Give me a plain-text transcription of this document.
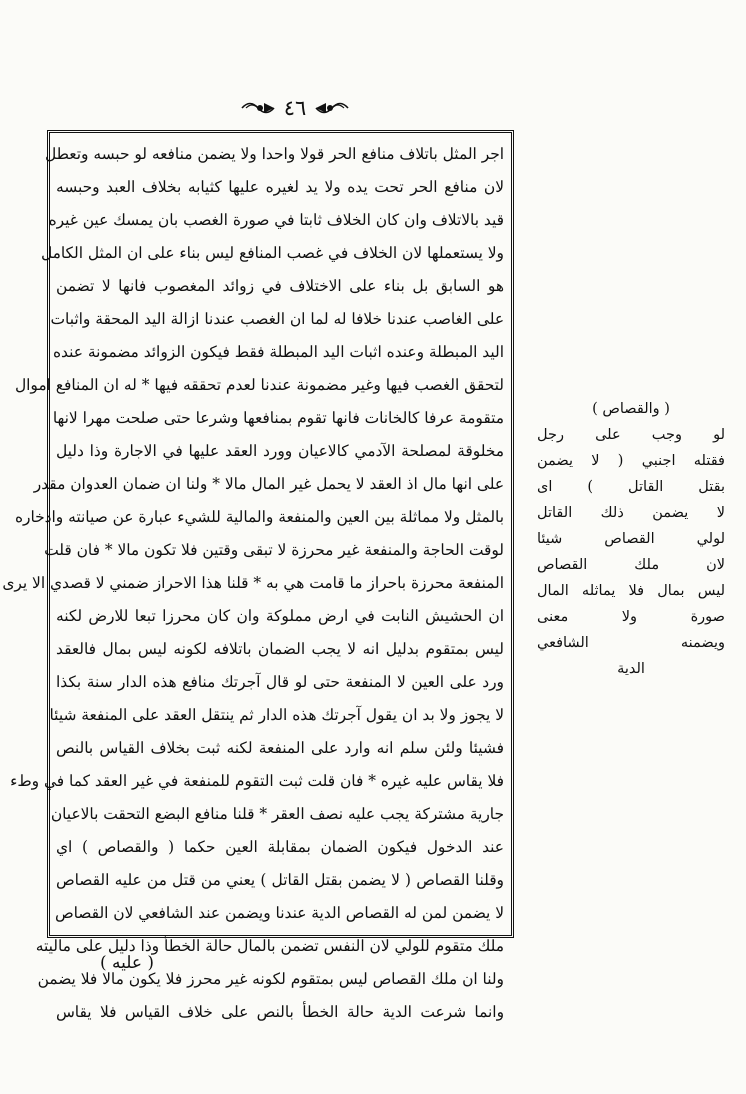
٤٦
اجر المثل باتلاف منافع الحر قولا واحدا ولا يضمن منافعه لو حبسه وتعطل
لان منافع الحر تحت يده ولا يد لغيره عليها كثيابه بخلاف العبد وحبسه
قيد بالاتلاف وان كان الخلاف ثابتا في صورة الغصب بان يمسك عين غيره
ولا يستعملها لان الخلاف في غصب المنافع ليس بناء على ان المثل الكامل
هو السابق بل بناء على الاختلاف في زوائد المغصوب فانها لا تضمن
على الغاصب عندنا خلافا له لما ان الغصب عندنا ازالة اليد المحقة واثبات
اليد المبطلة وعنده اثبات اليد المبطلة فقط فيكون الزوائد مضمونة عنده
لتحقق الغصب فيها وغير مضمونة عندنا لعدم تحققه فيها * له ان المنافع اموال
متقومة عرفا كالخانات فانها تقوم بمنافعها وشرعا حتى صلحت مهرا لانها
مخلوقة لمصلحة الآدمي كالاعيان وورد العقد عليها في الاجارة وذا دليل
على انها مال اذ العقد لا يحمل غير المال مالا * ولنا ان ضمان العدوان مقدر
بالمثل ولا مماثلة بين العين والمنفعة والمالية للشيء عبارة عن صيانته وادخاره
لوقت الحاجة والمنفعة غير محرزة لا تبقى وقتين فلا تكون مالا * فان قلت
المنفعة محرزة باحراز ما قامت هي به * قلنا هذا الاحراز ضمني لا قصدي الا يرى
ان الحشيش النابت في ارض مملوكة وان كان محرزا تبعا للارض لكنه
ليس بمتقوم بدليل انه لا يجب الضمان باتلافه لكونه ليس بمال فالعقد
ورد على العين لا المنفعة حتى لو قال آجرتك منافع هذه الدار سنة بكذا
لا يجوز ولا بد ان يقول آجرتك هذه الدار ثم ينتقل العقد على المنفعة شيئا
فشيئا ولئن سلم انه وارد على المنفعة لكنه ثبت بخلاف القياس بالنص
فلا يقاس عليه غيره * فان قلت ثبت التقوم للمنفعة في غير العقد كما في وطء
جارية مشتركة يجب عليه نصف العقر * قلنا منافع البضع التحقت بالاعيان
عند الدخول فيكون الضمان بمقابلة العين حكما ( والقصاص ) اي
وقلنا القصاص ( لا يضمن بقتل القاتل ) يعني من قتل من عليه القصاص
لا يضمن لمن له القصاص الدية عندنا ويضمن عند الشافعي لان القصاص
ملك متقوم للولي لان النفس تضمن بالمال حالة الخطأ وذا دليل على ماليته
ولنا ان ملك القصاص ليس بمتقوم لكونه غير محرز فلا يكون مالا فلا يضمن
وانما شرعت الدية حالة الخطأ بالنص على خلاف القياس فلا يقاس
( والقصاص )
لو وجب على رجل
فقتله اجنبي ( لا يضمن
بقتل القاتل ) اى
لا يضمن ذلك القاتل
لولي القصاص شيئا
لان ملك القصاص
ليس بمال فلا يماثله المال
صورة ولا معنى
ويضمنه الشافعي
الدية
( عليه )
